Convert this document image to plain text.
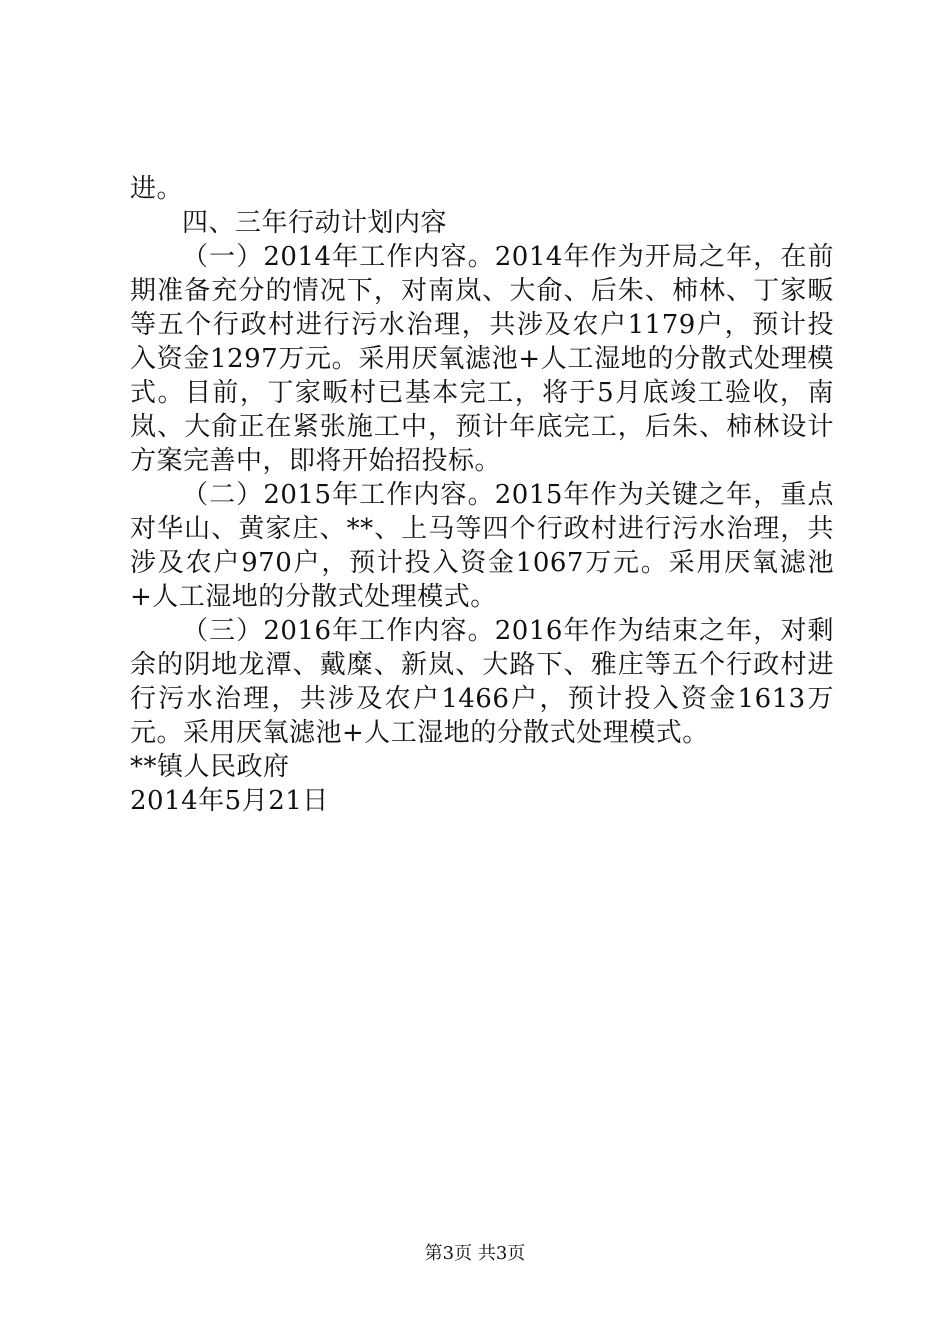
进。

四、三年行动计划内容

（一）2014年工作内容。2014年作为开局之年，在前期准备充分的情况下，对南岚、大俞、后朱、柿林、丁家畈等五个行政村进行污水治理，共涉及农户1179户，预计投入资金1297万元。采用厌氧滤池+人工湿地的分散式处理模式。目前，丁家畈村已基本完工，将于5月底竣工验收，南岚、大俞正在紧张施工中，预计年底完工，后朱、柿林设计方案完善中，即将开始招投标。

（二）2015年工作内容。2015年作为关键之年，重点对华山、黄家庄、**、上马等四个行政村进行污水治理，共涉及农户970户，预计投入资金1067万元。采用厌氧滤池+人工湿地的分散式处理模式。

（三）2016年工作内容。2016年作为结束之年，对剩余的阴地龙潭、戴糜、新岚、大路下、雅庄等五个行政村进行污水治理，共涉及农户1466户，预计投入资金1613万元。采用厌氧滤池+人工湿地的分散式处理模式。

**镇人民政府

2014年5月21日

第3页 共3页
